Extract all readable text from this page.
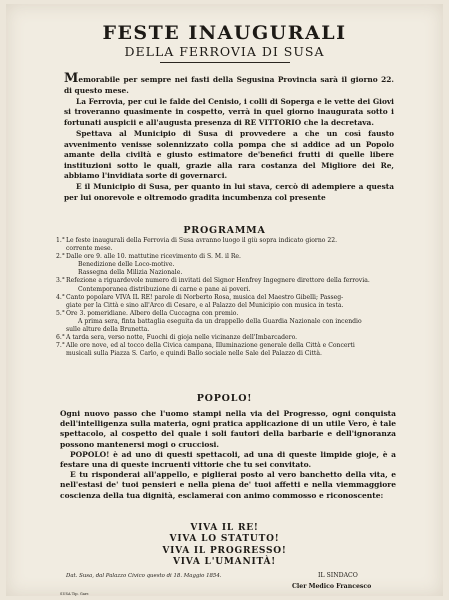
FESTE INAUGURALI
DELLA FERROVIA DI SUSA

Memorabile per sempre nei fasti della Segusina Provincia sarà il giorno 22. di questo mese.

La Ferrovia, per cui le falde del Cenisio, i colli di Soperga e le vette dei Giovi si troveranno quasimente in cospetto, verrà in quel giorno inaugurata sotto i fortunati auspicii e all'augusta presenza di RE VITTORIO che la decretava.

Spettava al Municipio di Susa di provvedere a che un così fausto avvenimento venisse solennizzato colla pompa che si addice ad un Popolo amante della civiltà e giusto estimatore de'benefici frutti di quelle libere instituzioni sotto le quali, grazie alla rara costanza del Migliore dei Re, abbiamo l'invidiata sorte di governarci.

E il Municipio di Susa, per quanto in lui stava, cercò di adempiere a questa per lui onorevole e oltremodo gradita incumbenza col presente

PROGRAMMA
1.° Le feste inaugurali della Ferrovia di Susa avranno luogo il giù sopra indicato giorno 22.
corrente mese.
2.° Dalle ore 9. alle 10. mattutine ricevimento di S. M. il Re.
Benedizione delle Loco-motive.
Rassegna della Milizia Nazionale.
3.° Refezione a riguardevole numero di invitati del Signor Henfrey Ingegnere direttore della ferrovia.
Contemporanea distribuzione di carne e pane ai poveri.
4.° Canto popolare VIVA IL RE! parole di Norberto Rosa, musica del Maestro Gibelli; Passeg-
giate per la Città e sino all'Arco di Cesare, e al Palazzo del Municipio con musica in testa.
5.° Ore 3. pomeridiane. Albero della Cuccagna con premio.
A prima sera, finta battaglia eseguita da un drappello della Guardia Nazionale con incendio
sulle alture della Brunetta.
6.° A tarda sera, verso notte, Fuochi di gioja nelle vicinanze dell'Imbarcadero.
7.° Alle ore nove, ed al tocco della Civica campana, Illuminazione generale della Città e Concerti
musicali sulla Piazza S. Carlo, e quindi Ballo sociale nelle Sale del Palazzo di Città.
POPOLO!

Ogni nuovo passo che l'uomo stampi nella via del Progresso, ogni conquista dell'intelligenza sulla materia, ogni pratica applicazione di un utile Vero, è tale spettacolo, al cospetto del quale i soli fautori della barbarie e dell'ignoranza possono mantenersi mogi o crucciosi.

POPOLO! è ad uno di questi spettacoli, ad una di queste limpide gioje, è a festare una di queste incruenti vittorie che tu sei convitato.

E tu risponderai all'appello, e piglierai posto al vero banchetto della vita, e nell'estasi de' tuoi pensieri e nella piena de' tuoi affetti e nella viemmaggiore coscienza della tua dignità, esclamerai con animo commosso e riconoscente:

VIVA IL RE!
VIVA LO STATUTO!
VIVA IL PROGRESSO!
VIVA L'UMANITÀ!
Dat. Susa, dal Palazzo Civico questo di 18. Maggio 1854.	IL SINDACO
Cler Medico Francesco
SUSA Tip. Garr.
